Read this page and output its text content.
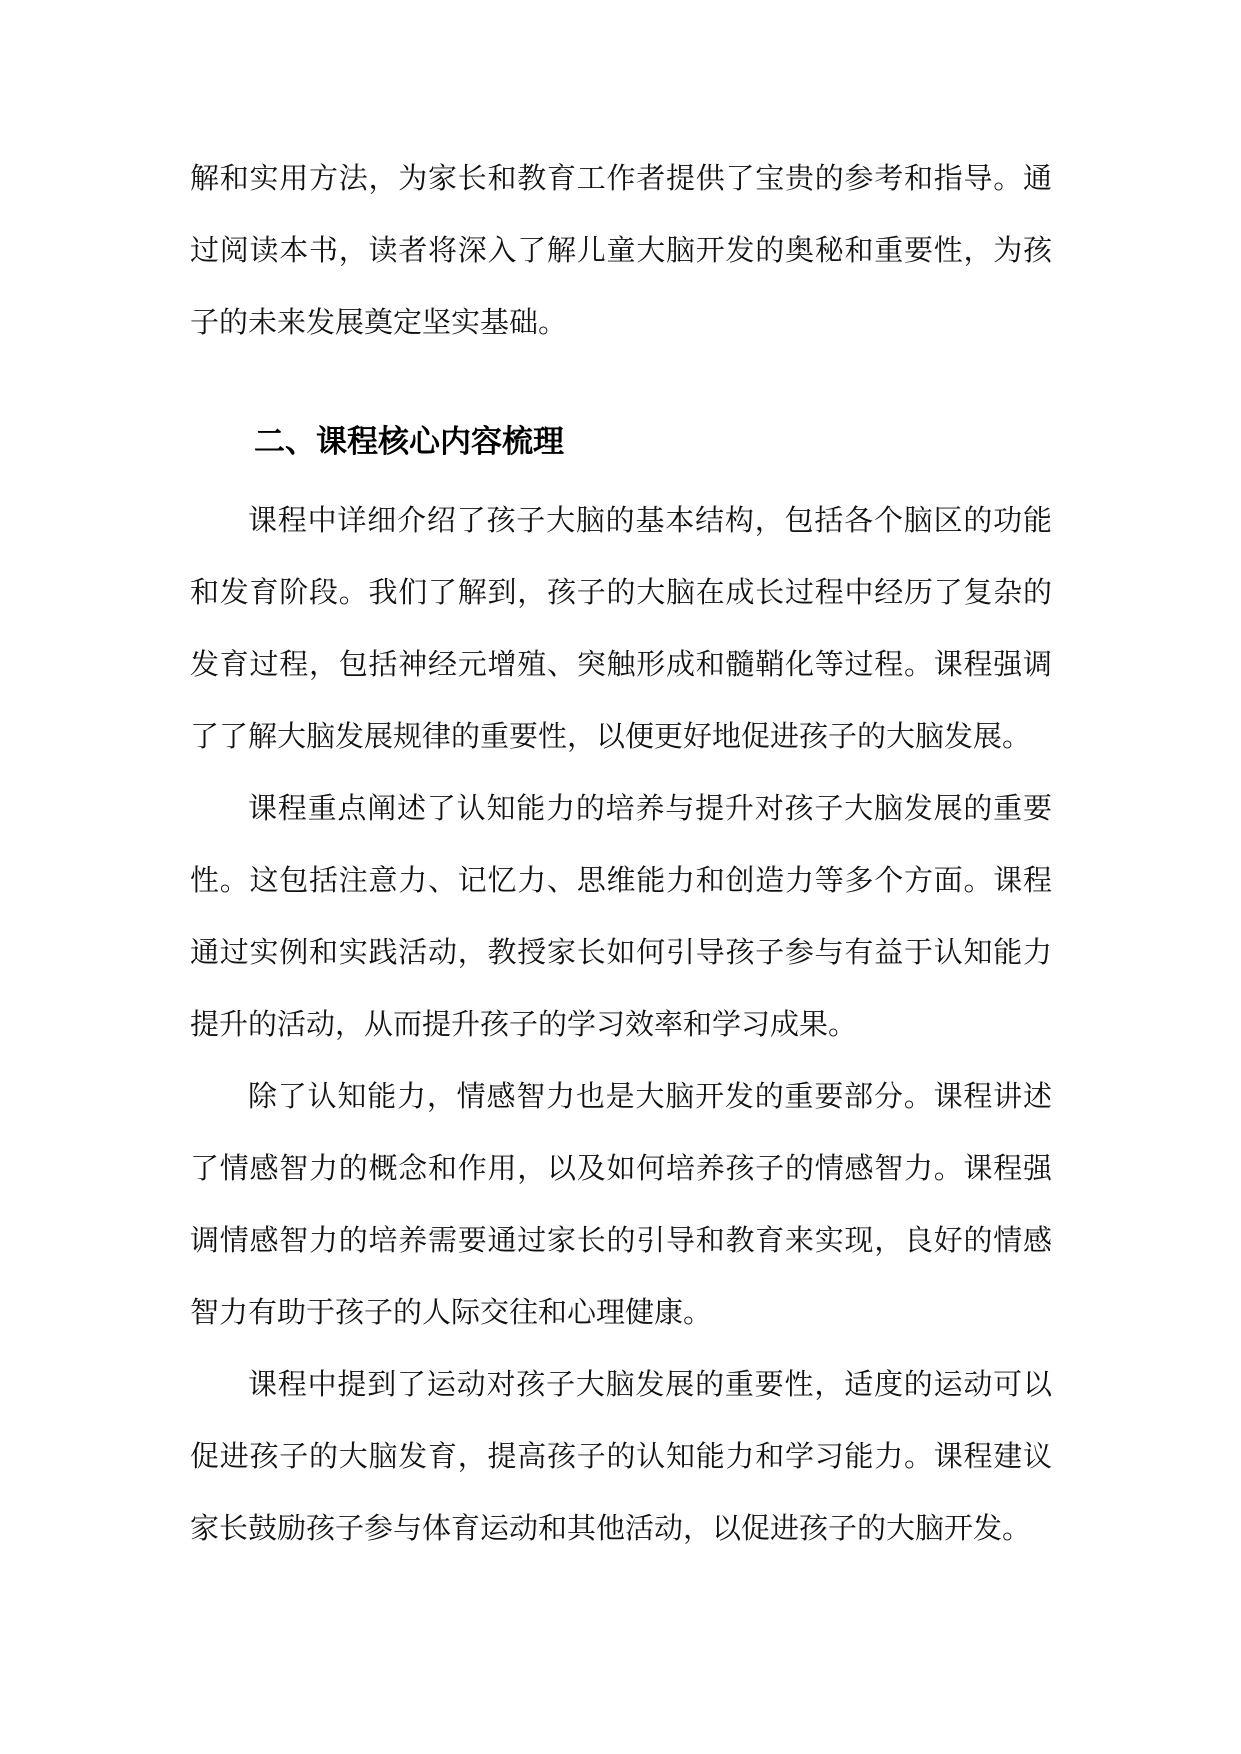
解和实用方法，为家长和教育工作者提供了宝贵的参考和指导。通过阅读本书，读者将深入了解儿童大脑开发的奥秘和重要性，为孩子的未来发展奠定坚实基础。

二、课程核心内容梳理

课程中详细介绍了孩子大脑的基本结构，包括各个脑区的功能和发育阶段。我们了解到，孩子的大脑在成长过程中经历了复杂的发育过程，包括神经元增殖、突触形成和髓鞘化等过程。课程强调了了解大脑发展规律的重要性，以便更好地促进孩子的大脑发展。

课程重点阐述了认知能力的培养与提升对孩子大脑发展的重要性。这包括注意力、记忆力、思维能力和创造力等多个方面。课程通过实例和实践活动，教授家长如何引导孩子参与有益于认知能力提升的活动，从而提升孩子的学习效率和学习成果。

除了认知能力，情感智力也是大脑开发的重要部分。课程讲述了情感智力的概念和作用，以及如何培养孩子的情感智力。课程强调情感智力的培养需要通过家长的引导和教育来实现，良好的情感智力有助于孩子的人际交往和心理健康。

课程中提到了运动对孩子大脑发展的重要性，适度的运动可以促进孩子的大脑发育，提高孩子的认知能力和学习能力。课程建议家长鼓励孩子参与体育运动和其他活动，以促进孩子的大脑开发。
